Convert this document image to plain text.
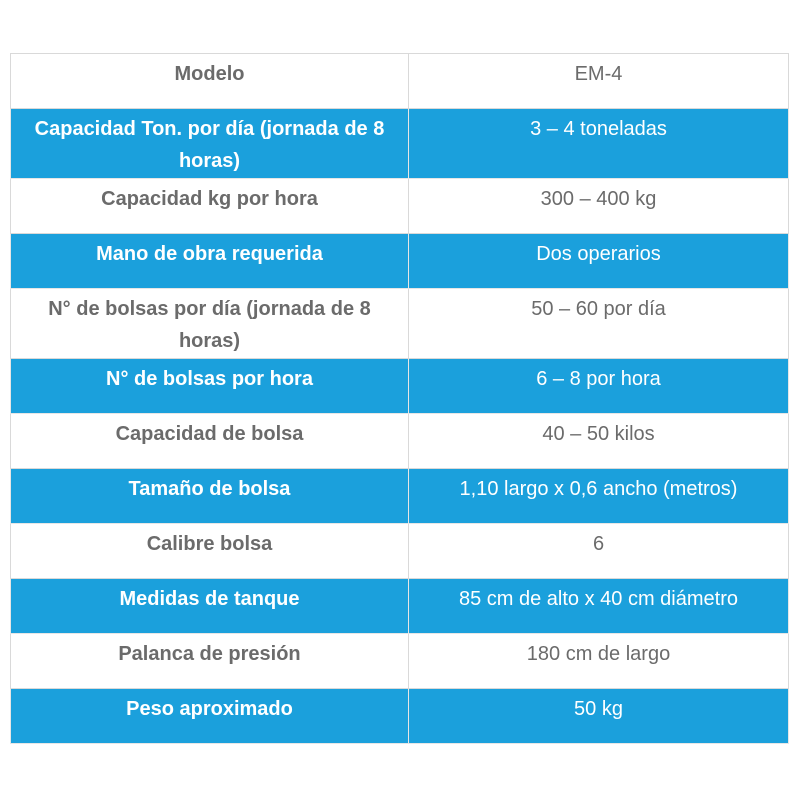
Modelo	EM-4
Capacidad Ton. por día (jornada de 8 horas)	3 – 4 toneladas
Capacidad kg por hora	300 – 400 kg
Mano de obra requerida	Dos operarios
N° de bolsas por día (jornada de 8 horas)	50 – 60 por día
N° de bolsas por hora	6 – 8 por hora
Capacidad de bolsa	40 – 50 kilos
Tamaño de bolsa	1,10 largo x 0,6 ancho (metros)
Calibre bolsa	6
Medidas de tanque	85 cm de alto x 40 cm diámetro
Palanca de presión	180 cm de largo
Peso aproximado	50 kg
